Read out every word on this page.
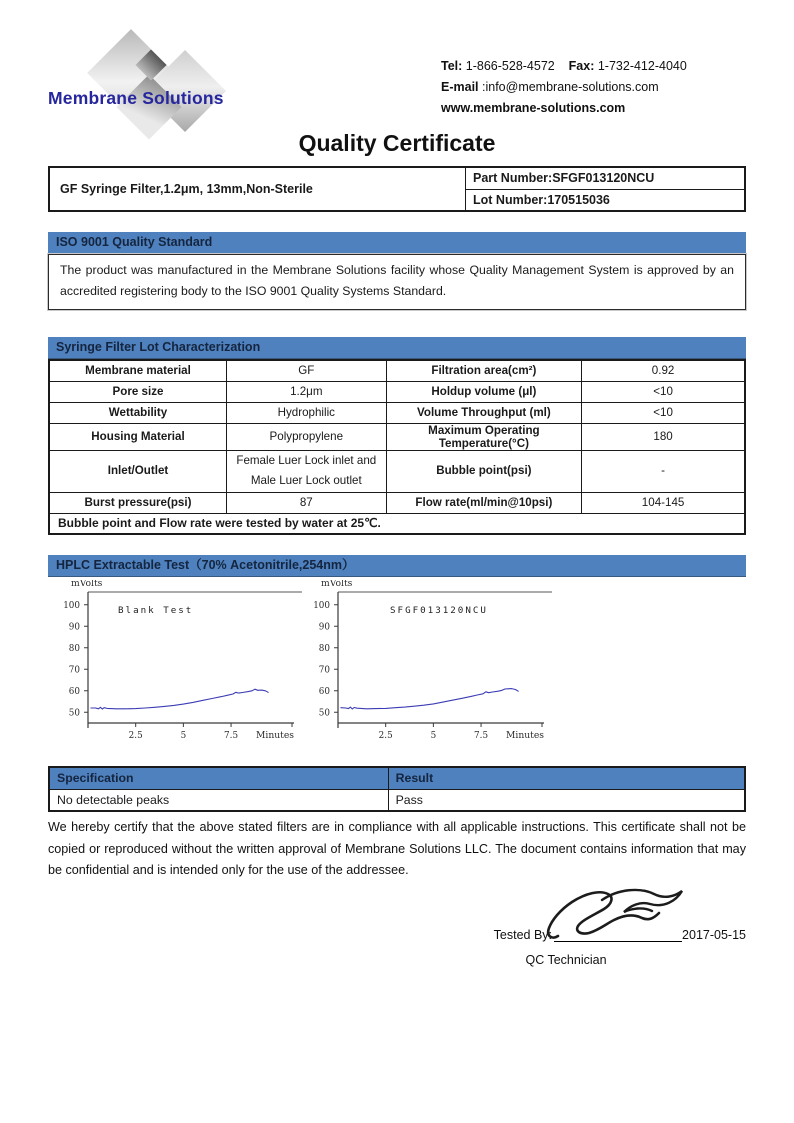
Membrane Solutions
Tel: 1-866-528-4572 Fax: 1-732-412-4040
E-mail :info@membrane-solutions.com
www.membrane-solutions.com
Quality Certificate
GF Syringe Filter,1.2μm, 13mm,Non-Sterile	Part Number:SFGF013120NCU
Lot Number:170515036
ISO 9001 Quality Standard
The product was manufactured in the Membrane Solutions facility whose Quality Management System is approved by an accredited registering body to the ISO 9001 Quality Systems Standard.
Syringe Filter Lot Characterization
Membrane material	GF	Filtration area(cm²)	0.92
Pore size	1.2μm	Holdup volume (μl)	<10
Wettability	Hydrophilic	Volume Throughput (ml)	<10
Housing Material	Polypropylene	Maximum Operating Temperature(°C)	180
Inlet/Outlet	Female Luer Lock inlet and Male Luer Lock outlet	Bubble point(psi)	-
Burst pressure(psi)	87	Flow rate(ml/min@10psi)	104-145
Bubble point and Flow rate were tested by water at 25℃.			
HPLC Extractable Test（70% Acetonitrile,254nm）
50
60
70
80
90
100
2.5	5	7.5
mVolts
Minutes
Blank Test
50
60
70
80
90
100
2.5	5	7.5
mVolts
Minutes
SFGF013120NCU
Specification	Result
No detectable peaks	Pass
We hereby certify that the above stated filters are in compliance with all applicable instructions. This certificate shall not be copied or reproduced without the written approval of Membrane Solutions LLC. The document contains information that may be confidential and is intended only for the use of the addressee.
Tested By:	2017-05-15
QC Technician
